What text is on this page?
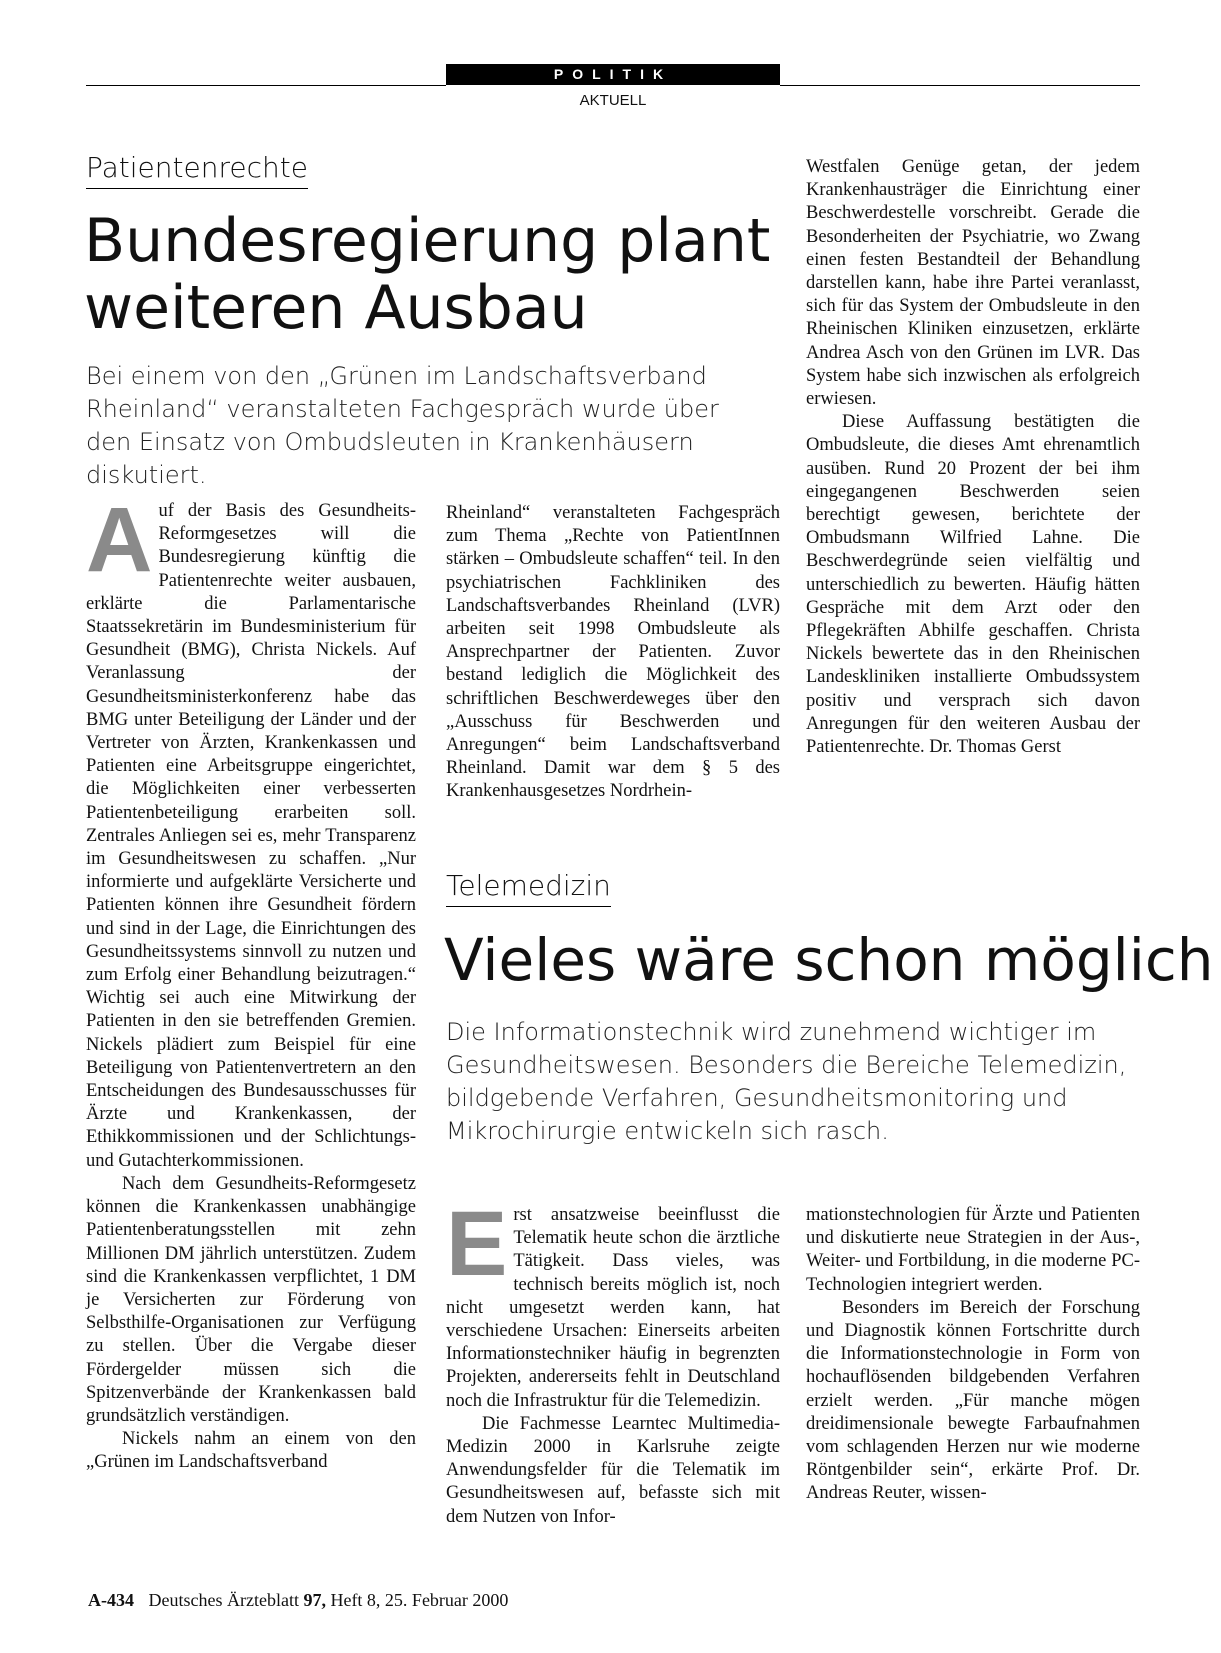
POLITIK
AKTUELL
Patientenrechte
Bundesregierung plant
weiteren Ausbau

Bei einem von den „Grünen im Landschaftsverband Rheinland“ veranstalteten Fachgespräch wurde über den Einsatz von Ombudsleuten in Krankenhäusern diskutiert.

A uf der Basis des Gesundheits-Reformgesetzes will die Bundesregierung künftig die Patientenrechte weiter ausbauen, erklärte die Parlamentarische Staatssekretärin im Bundesministerium für Gesundheit (BMG), Christa Nickels. Auf Veranlassung der Gesundheitsministerkonferenz habe das BMG unter Beteiligung der Länder und der Vertreter von Ärzten, Krankenkassen und Patienten eine Arbeitsgruppe eingerichtet, die Möglichkeiten einer verbesserten Patientenbeteiligung erarbeiten soll. Zentrales Anliegen sei es, mehr Transparenz im Gesundheitswesen zu schaffen. „Nur informierte und aufgeklärte Versicherte und Patienten können ihre Gesundheit fördern und sind in der Lage, die Einrichtungen des Gesundheitssystems sinnvoll zu nutzen und zum Erfolg einer Behandlung beizutragen.“ Wichtig sei auch eine Mitwirkung der Patienten in den sie betreffenden Gremien. Nickels plädiert zum Beispiel für eine Beteiligung von Patientenvertretern an den Entscheidungen des Bundesausschusses für Ärzte und Krankenkassen, der Ethikkommissionen und der Schlichtungs- und Gutachterkommissionen.

Nach dem Gesundheits-Reformgesetz können die Krankenkassen unabhängige Patientenberatungsstellen mit zehn Millionen DM jährlich unterstützen. Zudem sind die Krankenkassen verpflichtet, 1 DM je Versicherten zur Förderung von Selbsthilfe-Organisationen zur Verfügung zu stellen. Über die Vergabe dieser Fördergelder müssen sich die Spitzenverbände der Krankenkassen bald grundsätzlich verständigen.

Nickels nahm an einem von den „Grünen im Landschaftsverband

Rheinland“ veranstalteten Fachgespräch zum Thema „Rechte von PatientInnen stärken – Ombudsleute schaffen“ teil. In den psychiatrischen Fachkliniken des Landschaftsverbandes Rheinland (LVR) arbeiten seit 1998 Ombudsleute als Ansprechpartner der Patienten. Zuvor bestand lediglich die Möglichkeit des schriftlichen Beschwerdeweges über den „Ausschuss für Beschwerden und Anregungen“ beim Landschaftsverband Rheinland. Damit war dem § 5 des Krankenhausgesetzes Nordrhein-

Westfalen Genüge getan, der jedem Krankenhausträger die Einrichtung einer Beschwerdestelle vorschreibt. Gerade die Besonderheiten der Psychiatrie, wo Zwang einen festen Bestandteil der Behandlung darstellen kann, habe ihre Partei veranlasst, sich für das System der Ombudsleute in den Rheinischen Kliniken einzusetzen, erklärte Andrea Asch von den Grünen im LVR. Das System habe sich inzwischen als erfolgreich erwiesen.

Diese Auffassung bestätigten die Ombudsleute, die dieses Amt ehrenamtlich ausüben. Rund 20 Prozent der bei ihm eingegangenen Beschwerden seien berechtigt gewesen, berichtete der Ombudsmann Wilfried Lahne. Die Beschwerdegründe seien vielfältig und unterschiedlich zu bewerten. Häufig hätten Gespräche mit dem Arzt oder den Pflegekräften Abhilfe geschaffen. Christa Nickels bewertete das in den Rheinischen Landeskliniken installierte Ombudssystem positiv und versprach sich davon Anregungen für den weiteren Ausbau der Patientenrechte. Dr. Thomas Gerst

Telemedizin
Vieles wäre schon möglich

Die Informationstechnik wird zunehmend wichtiger im Gesundheitswesen. Besonders die Bereiche Telemedizin, bildgebende Verfahren, Gesundheitsmonitoring und Mikrochirurgie entwickeln sich rasch.

E rst ansatzweise beeinflusst die Telematik heute schon die ärztliche Tätigkeit. Dass vieles, was technisch bereits möglich ist, noch nicht umgesetzt werden kann, hat verschiedene Ursachen: Einerseits arbeiten Informationstechniker häufig in begrenzten Projekten, andererseits fehlt in Deutschland noch die Infrastruktur für die Telemedizin.

Die Fachmesse Learntec Multimedia-Medizin 2000 in Karlsruhe zeigte Anwendungsfelder für die Telematik im Gesundheitswesen auf, befasste sich mit dem Nutzen von Infor-

mationstechnologien für Ärzte und Patienten und diskutierte neue Strategien in der Aus-, Weiter- und Fortbildung, in die moderne PC-Technologien integriert werden.

Besonders im Bereich der Forschung und Diagnostik können Fortschritte durch die Informationstechnologie in Form von hochauflösenden bildgebenden Verfahren erzielt werden. „Für manche mögen dreidimensionale bewegte Farbaufnahmen vom schlagenden Herzen nur wie moderne Röntgenbilder sein“, erkärte Prof. Dr. Andreas Reuter, wissen-

A-434 Deutsches Ärzteblatt 97, Heft 8, 25. Februar 2000
